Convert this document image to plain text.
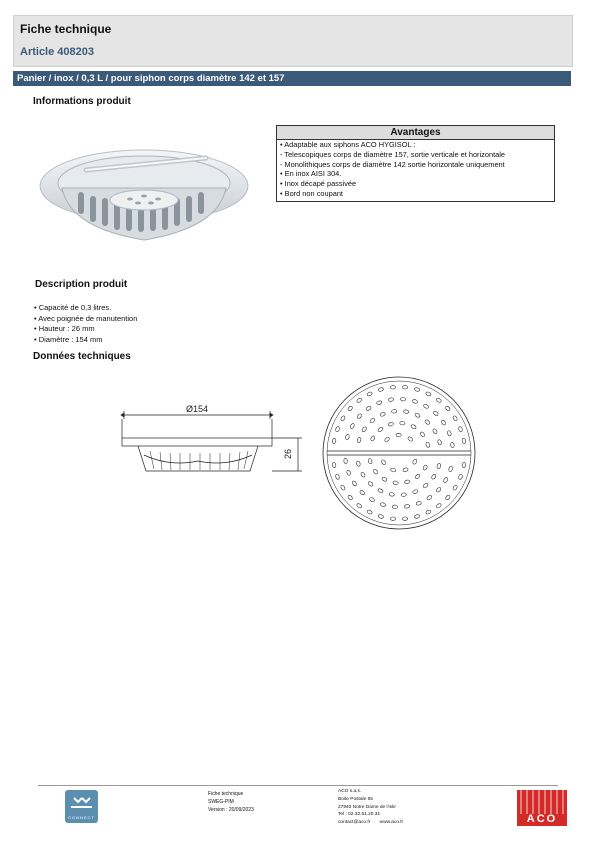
Fiche technique
Article 408203
Panier / inox / 0,3 L / pour siphon corps diamètre 142 et 157
Informations produit
Avantages
• Adaptable aux siphons ACO HYGISOL :
- Telescopiques corps de diamètre 157, sortie verticale et horizontale
- Monolithiques corps de diamètre 142 sortie horizontale uniquement
• En inox AISI 304.
• Inox décapé passivée
• Bord non coupant
Description produit
• Capacité de 0,3 litres.
• Avec poignée de manutention
• Hauteur : 26 mm
• Diamètre : 154 mm
Données techniques
Ø154
26
CONNECT
Fiche technique
SWEG-PIM
Version : 20/09/2023
ACO s.a.s.
Boite Postale 65
27940 Notre Dame de l'isle
Tel : 02.32.51.20.31
contact@aco.fr       www.aco.fr	ACO
